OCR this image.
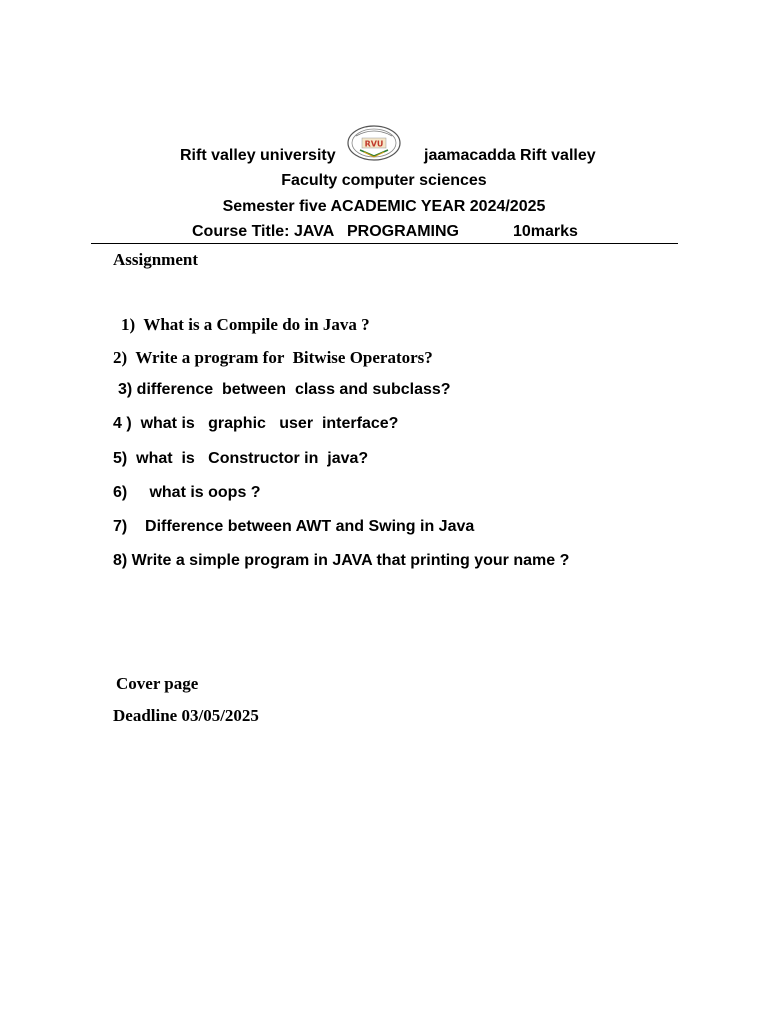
Rift valley university
RVU
jaamacadda Rift valley
Faculty computer sciences
Semester five ACADEMIC YEAR 2024/2025
Course Title: JAVA   PROGRAMING	10marks
Assignment
1)  What is a Compile do in Java ?
2)  Write a program for  Bitwise Operators?
3) difference  between  class and subclass?
4 )  what is   graphic   user  interface?
5)  what  is   Constructor in  java?
6)     what is oops ?
7)    Difference between AWT and Swing in Java
8) Write a simple program in JAVA that printing your name ?
Cover page
Deadline 03/05/2025
